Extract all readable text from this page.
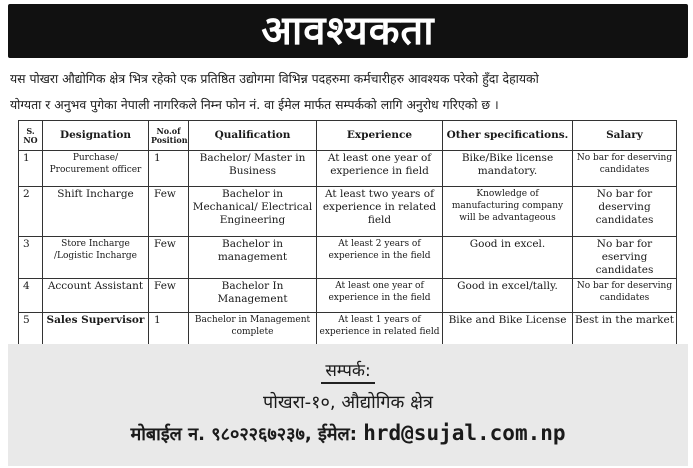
आवश्यकता

यस पोखरा औद्योगिक क्षेत्र भित्र रहेको एक प्रतिष्ठित उद्योगमा विभिन्न पदहरुमा कर्मचारीहरु आवश्यक परेको हुँदा देहायको

योग्यता र अनुभव पुगेका नेपाली नागरिकले निम्न फोन नं. वा ईमेल मार्फत सम्पर्कको लागि अनुरोध गरिएको छ ।

S. NO	Designation	No.of Position	Qualification	Experience	Other specifications.	Salary
1	Purchase/ Procurement officer	1	Bachelor/ Master in Business	At least one year of experience in field	Bike/Bike license mandatory.	No bar for deserving candidates
2	Shift Incharge	Few	Bachelor in Mechanical/ Electrical Engineering	At least two years of experience in related field	Knowledge of manufacturing company will be advantageous	No bar for deserving candidates
3	Store Incharge /Logistic Incharge	Few	Bachelor in management	At least 2 years of experience in the field	Good in excel.	No bar for eserving candidates
4	Account Assistant	Few	Bachelor In Management	At least one year of experience in the field	Good in excel/tally.	No bar for deserving candidates
5	Sales Supervisor	1	Bachelor in Management complete	At least 1 years of experience in related field	Bike and Bike License	Best in the market
सम्पर्क:
पोखरा-१०, औद्योगिक क्षेत्र
मोबाईल न. ९८०२२६७२३७, ईमेल: hrd@sujal.com.np
